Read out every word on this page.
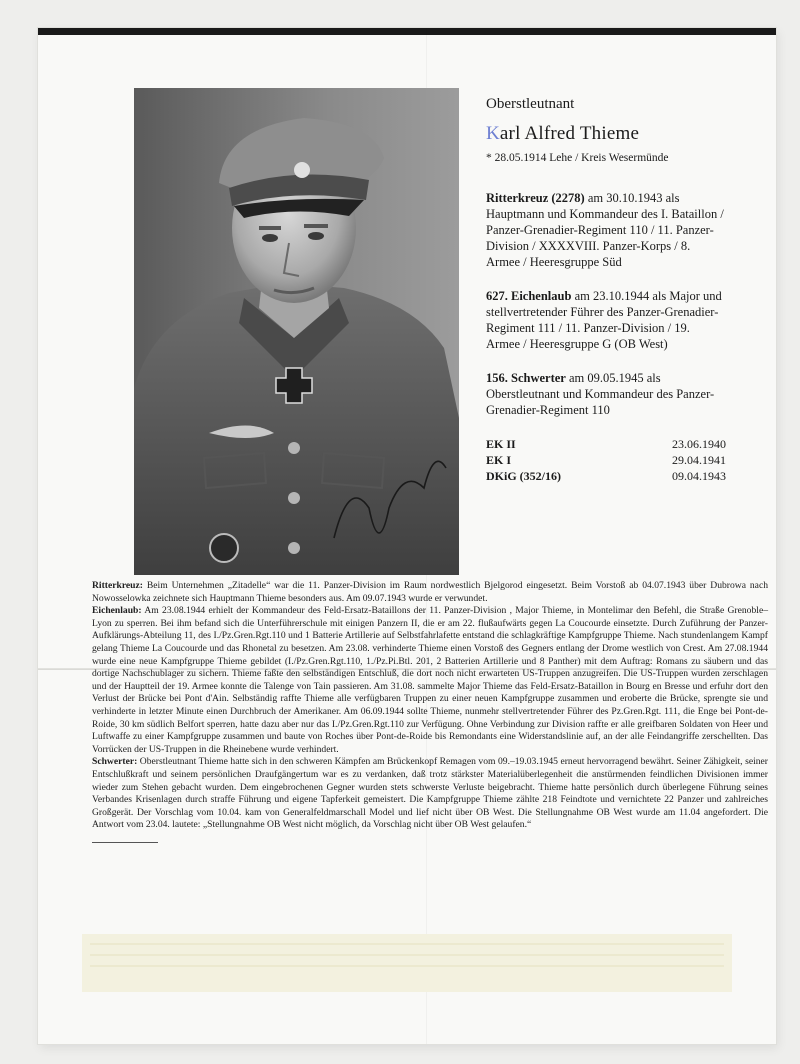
Oberstleutnant
Karl Alfred Thieme
* 28.05.1914 Lehe / Kreis Wesermünde
Ritterkreuz (2278) am 30.10.1943 als Hauptmann und Kommandeur des I. Bataillon / Panzer-Grenadier-Regiment 110 / 11. Panzer-Division / XXXXVIII. Panzer-Korps / 8. Armee / Heeresgruppe Süd
627. Eichenlaub am 23.10.1944 als Major und stellvertretender Führer des Panzer-Grenadier-Regiment 111 / 11. Panzer-Division / 19. Armee / Heeresgruppe G (OB West)
156. Schwerter am 09.05.1945 als Oberstleutnant und Kommandeur des Panzer-Grenadier-Regiment 110
EK II	23.06.1940
EK I	29.04.1941
DKiG (352/16)	09.04.1943

Ritterkreuz: Beim Unternehmen „Zitadelle“ war die 11. Panzer-Division im Raum nordwestlich Bjelgorod eingesetzt. Beim Vorstoß ab 04.07.1943 über Dubrowa nach Nowosselowka zeichnete sich Hauptmann Thieme besonders aus. Am 09.07.1943 wurde er verwundet.

Eichenlaub: Am 23.08.1944 erhielt der Kommandeur des Feld-Ersatz-Bataillons der 11. Panzer-Division , Major Thieme, in Montelimar den Befehl, die Straße Grenoble–Lyon zu sperren. Bei ihm befand sich die Unterführerschule mit einigen Panzern II, die er am 22. flußaufwärts gegen La Coucourde einsetzte. Durch Zuführung der Panzer-Aufklärungs-Abteilung 11, des I./Pz.Gren.Rgt.110 und 1 Batterie Artillerie auf Selbstfahrlafette entstand die schlagkräftige Kampfgruppe Thieme. Nach stundenlangem Kampf gelang Thieme La Coucourde und das Rhonetal zu besetzen. Am 23.08. verhinderte Thieme einen Vorstoß des Gegners entlang der Drome westlich von Crest. Am 27.08.1944 wurde eine neue Kampfgruppe Thieme gebildet (I./Pz.Gren.Rgt.110, 1./Pz.Pi.Btl. 201, 2 Batterien Artillerie und 8 Panther) mit dem Auftrag: Romans zu säubern und das dortige Nachschublager zu sichern. Thieme faßte den selbständigen Entschluß, die dort noch nicht erwarteten US-Truppen anzugreifen. Die US-Truppen wurden zerschlagen und der Hauptteil der 19. Armee konnte die Talenge von Tain passieren. Am 31.08. sammelte Major Thieme das Feld-Ersatz-Bataillon in Bourg en Bresse und erfuhr dort den Verlust der Brücke bei Pont d'Ain. Selbständig raffte Thieme alle verfügbaren Truppen zu einer neuen Kampfgruppe zusammen und eroberte die Brücke, sprengte sie und verhinderte in letzter Minute einen Durchbruch der Amerikaner. Am 06.09.1944 sollte Thieme, nunmehr stellvertretender Führer des Pz.Gren.Rgt. 111, die Enge bei Pont-de-Roide, 30 km südlich Belfort sperren, hatte dazu aber nur das I./Pz.Gren.Rgt.110 zur Verfügung. Ohne Verbindung zur Division raffte er alle greifbaren Soldaten von Heer und Luftwaffe zu einer Kampfgruppe zusammen und baute von Roches über Pont-de-Roide bis Remondants eine Widerstandslinie auf, an der alle Feindangriffe zerschellten. Das Vorrücken der US-Truppen in die Rheinebene wurde verhindert.

Schwerter: Oberstleutnant Thieme hatte sich in den schweren Kämpfen am Brückenkopf Remagen vom 09.–19.03.1945 erneut hervorragend bewährt. Seiner Zähigkeit, seiner Entschlußkraft und seinem persönlichen Draufgängertum war es zu verdanken, daß trotz stärkster Materialüberlegenheit die anstürmenden feindlichen Divisionen immer wieder zum Stehen gebacht wurden. Dem eingebrochenen Gegner wurden stets schwerste Verluste beigebracht. Thieme hatte persönlich durch überlegene Führung seines Verbandes Krisenlagen durch straffe Führung und eigene Tapferkeit gemeistert. Die Kampfgruppe Thieme zählte 218 Feindtote und vernichtete 22 Panzer und zahlreiches Großgerät. Der Vorschlag vom 10.04. kam von Generalfeldmarschall Model und lief nicht über OB West. Die Stellungnahme OB West wurde am 11.04 angefordert. Die Antwort vom 23.04. lautete: „Stellungnahme OB West nicht möglich, da Vorschlag nicht über OB West gelaufen.“
